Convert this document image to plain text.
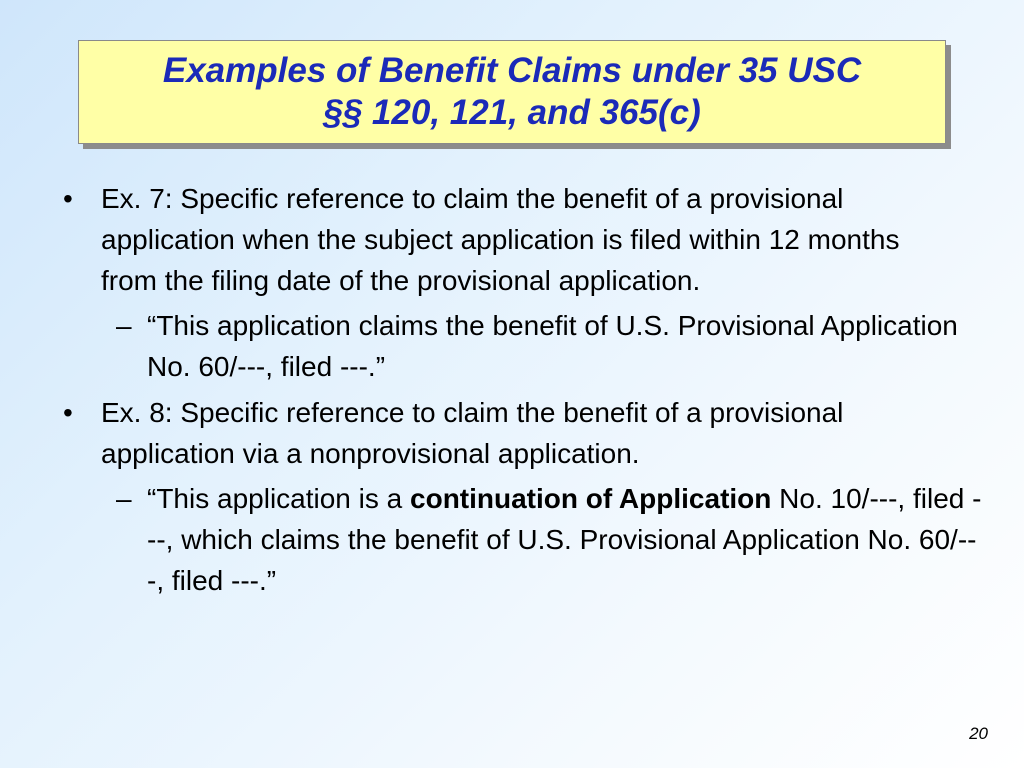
Examples of Benefit Claims under 35 USC
§§ 120, 121, and 365(c)
• Ex. 7: Specific reference to claim the benefit of a provisional application when the subject application is filed within 12 months from the filing date of the provisional application.
– “This application claims the benefit of U.S. Provisional Application No. 60/---, filed ---.”
• Ex. 8: Specific reference to claim the benefit of a provisional application via a nonprovisional application.
– “This application is a continuation of Application No. 10/---, filed ---, which claims the benefit of U.S. Provisional Application No. 60/---, filed ---.”
20
